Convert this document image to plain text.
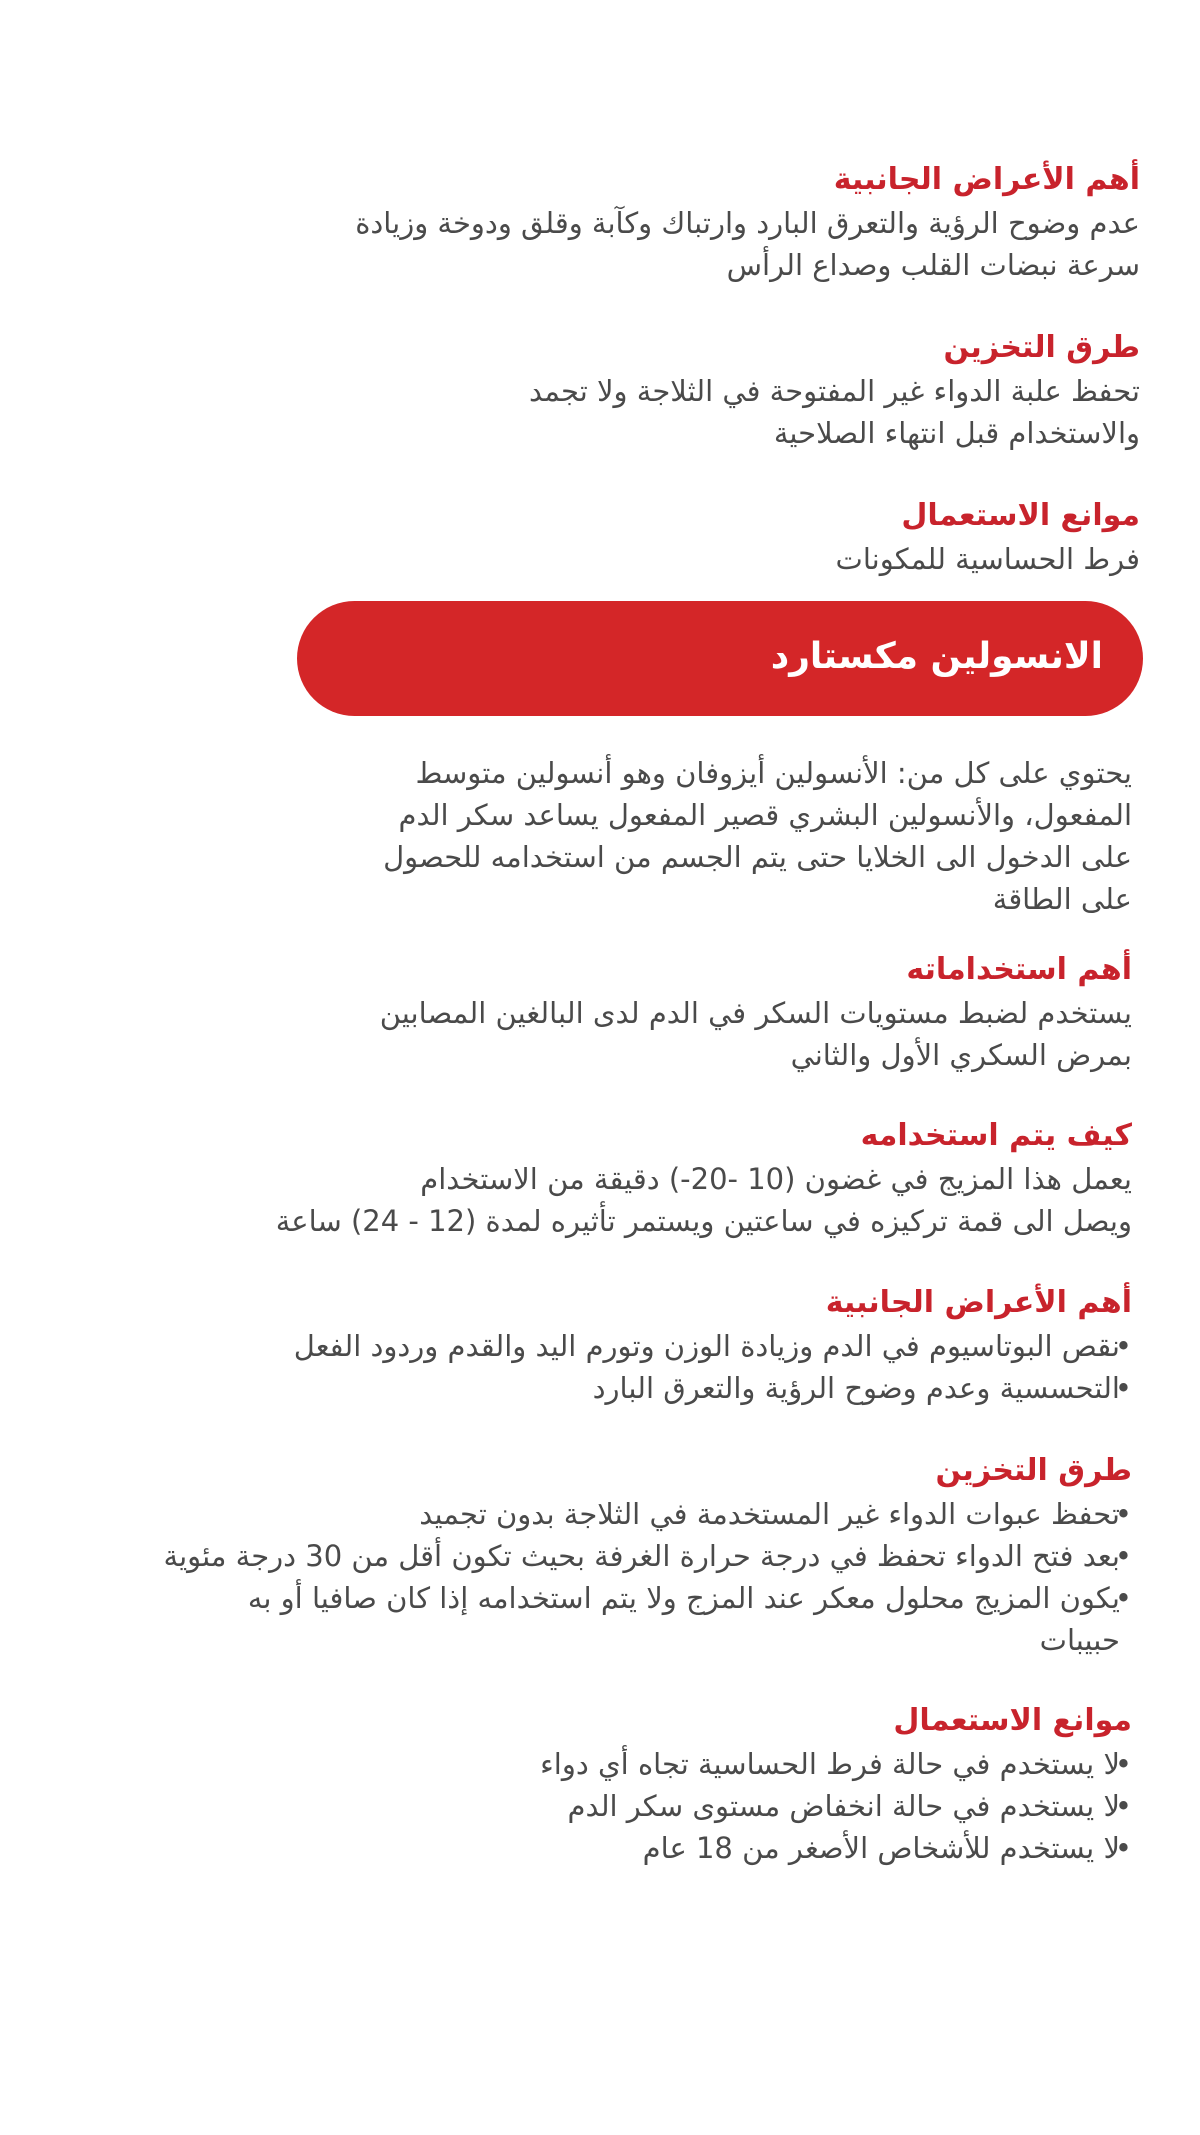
أهم الأعراض الجانبية

عدم وضوح الرؤية والتعرق البارد وارتباك وكآبة وقلق ودوخة وزيادة

سرعة نبضات القلب وصداع الرأس

طرق التخزين

تحفظ علبة الدواء غير المفتوحة في الثلاجة ولا تجمد

والاستخدام قبل انتهاء الصلاحية

موانع الاستعمال

فرط الحساسية للمكونات

الانسولين مكستارد

يحتوي على كل من: الأنسولين أيزوفان وهو أنسولين متوسط

المفعول، والأنسولين البشري قصير المفعول يساعد سكر الدم

على الدخول الى الخلايا حتى يتم الجسم من استخدامه للحصول

على الطاقة

أهم استخداماته

يستخدم لضبط مستويات السكر في الدم لدى البالغين المصابين

بمرض السكري الأول والثاني

كيف يتم استخدامه

يعمل هذا المزيج في غضون (10 -20-) دقيقة من الاستخدام

ويصل الى قمة تركيزه في ساعتين ويستمر تأثيره لمدة (12 - 24) ساعة

أهم الأعراض الجانبية

•
نقص البوتاسيوم في الدم وزيادة الوزن وتورم اليد والقدم وردود الفعل
•
التحسسية وعدم وضوح الرؤية والتعرق البارد

طرق التخزين

•
تحفظ عبوات الدواء غير المستخدمة في الثلاجة بدون تجميد
•
بعد فتح الدواء تحفظ في درجة حرارة الغرفة بحيث تكون أقل من 30 درجة مئوية
•
يكون المزيج محلول معكر عند المزج ولا يتم استخدامه إذا كان صافيا أو به حبيبات

موانع الاستعمال

•
لا يستخدم في حالة فرط الحساسية تجاه أي دواء
•
لا يستخدم في حالة انخفاض مستوى سكر الدم
•
لا يستخدم للأشخاص الأصغر من 18 عام
